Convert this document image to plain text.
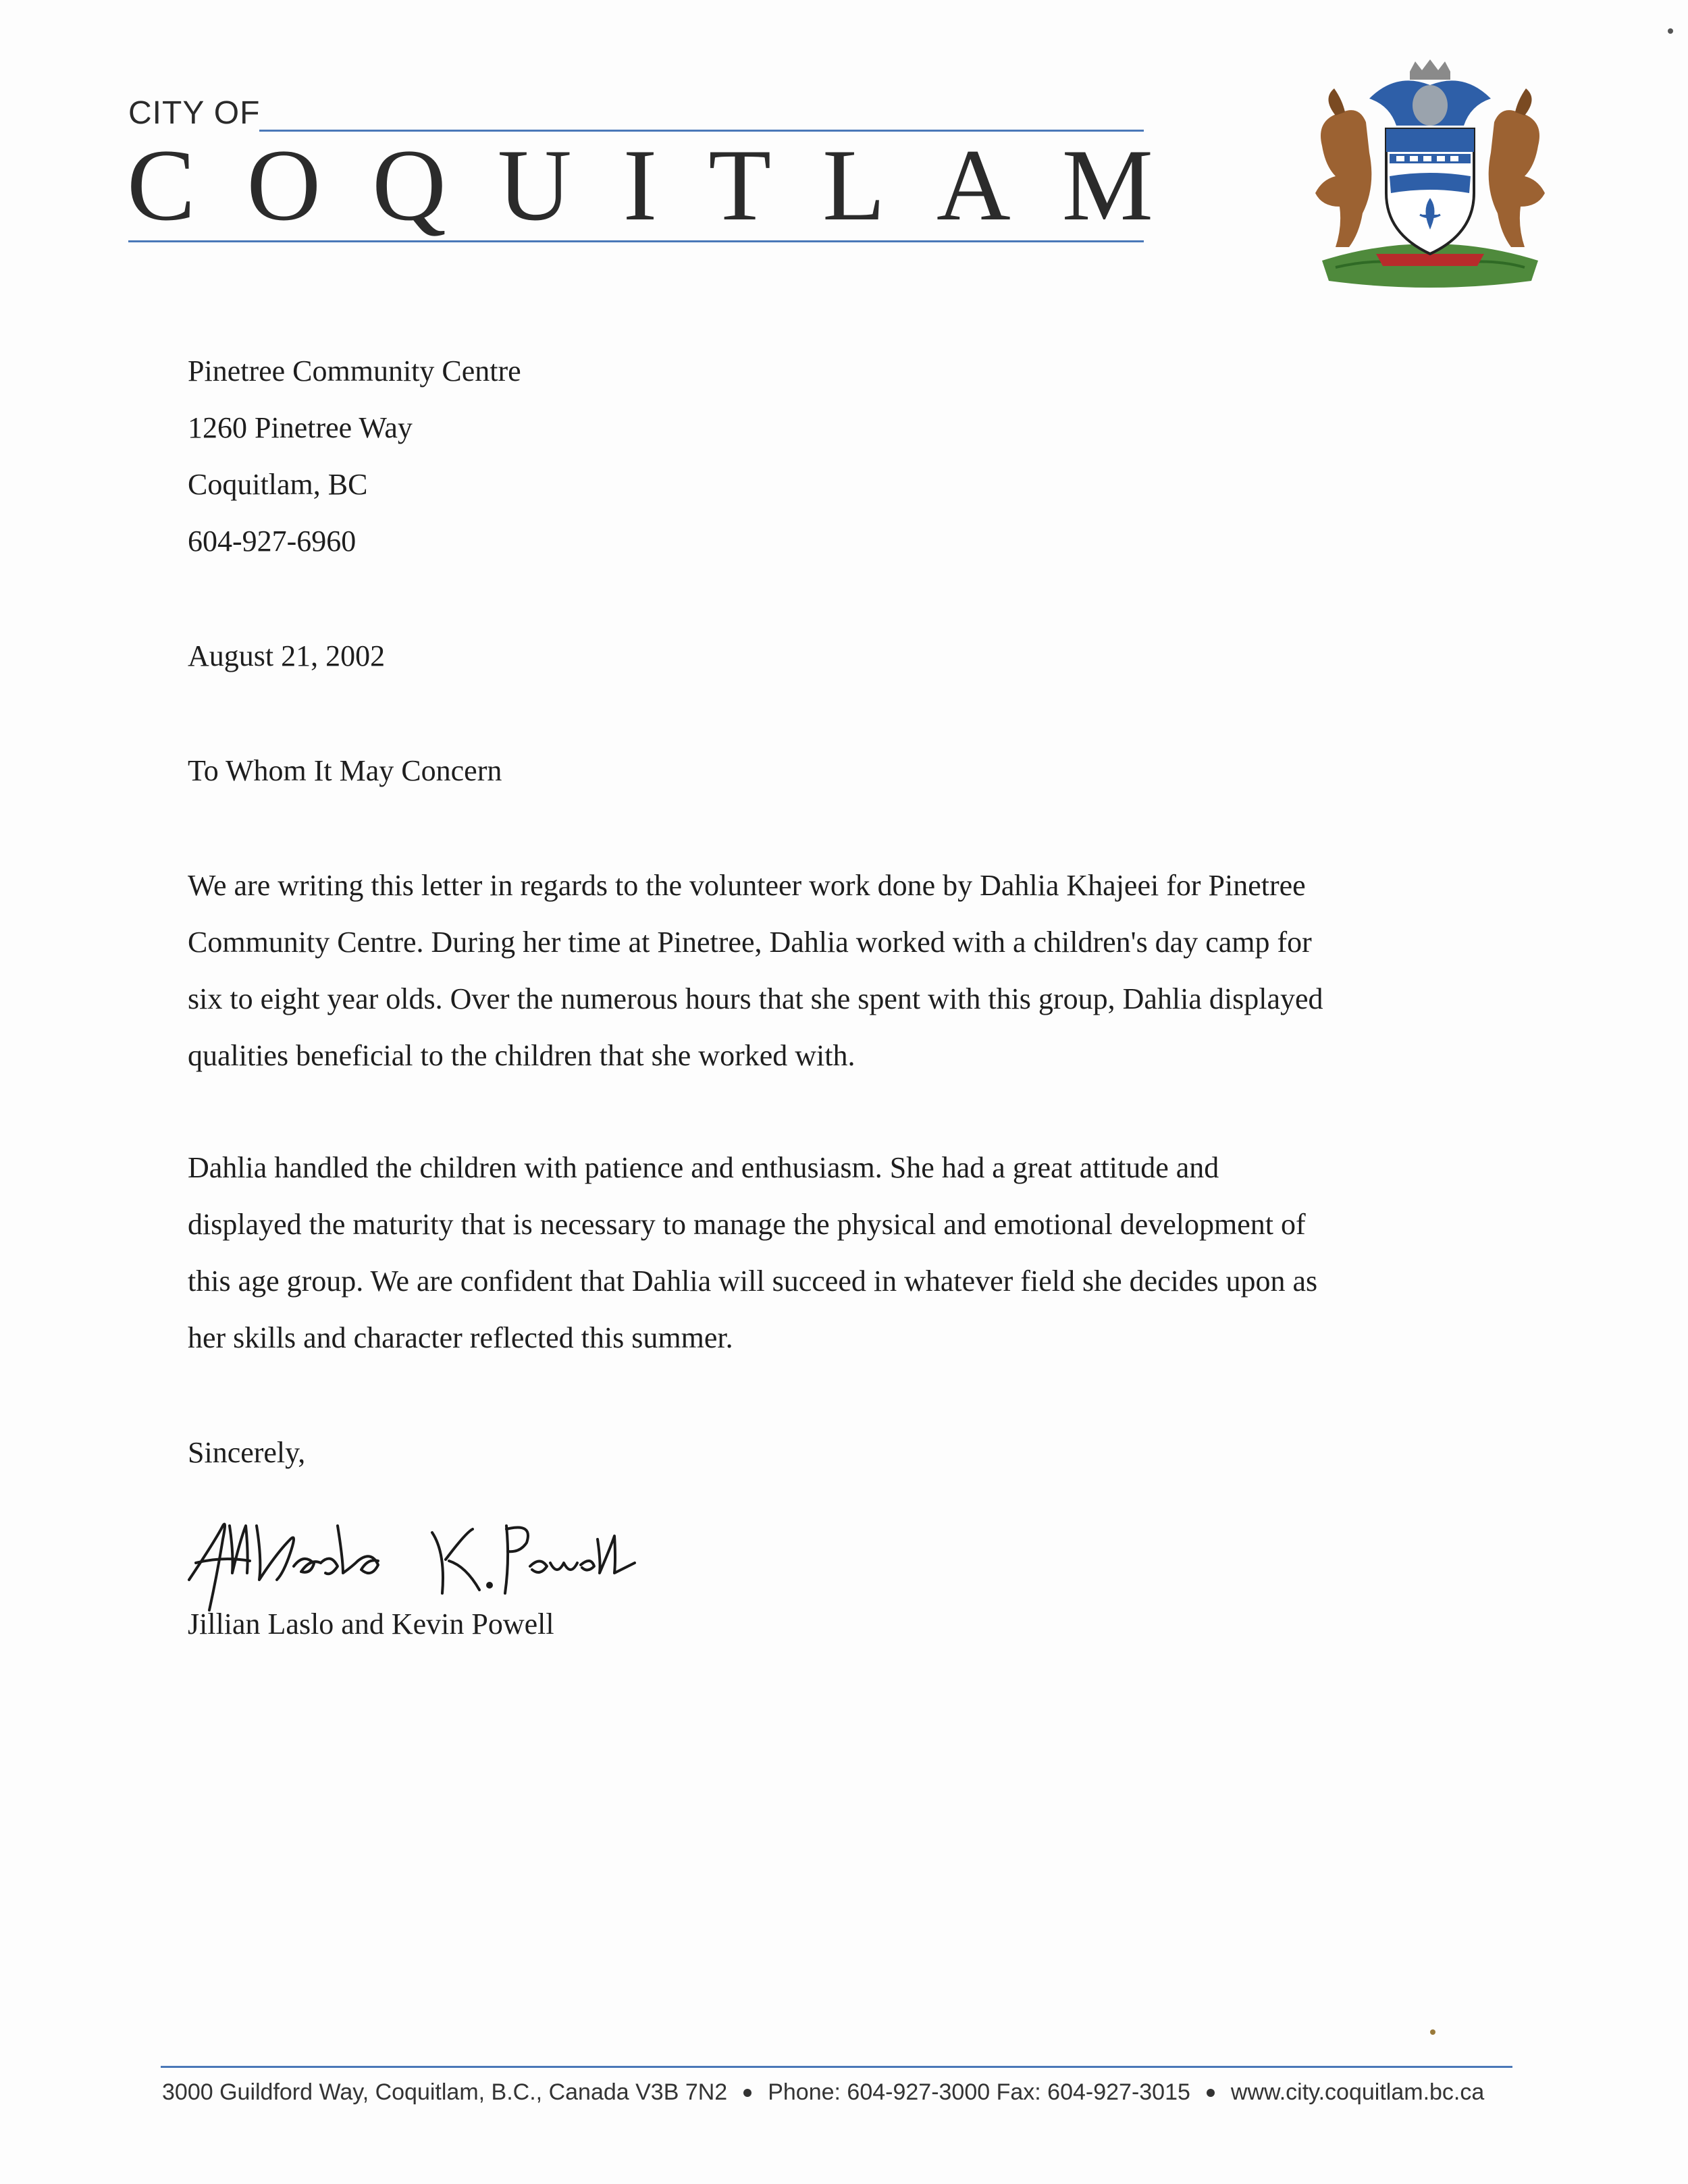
CITY OF
C O Q U I T L A M
Pinetree Community Centre
1260 Pinetree Way
Coquitlam, BC
604-927-6960
August 21, 2002
To Whom It May Concern
We are writing this letter in regards to the volunteer work done by Dahlia Khajeei for Pinetree
Community Centre. During her time at Pinetree, Dahlia worked with a children's day camp for
six to eight year olds. Over the numerous hours that she spent with this group, Dahlia displayed
qualities beneficial to the children that she worked with.
Dahlia handled the children with patience and enthusiasm. She had a great attitude and
displayed the maturity that is necessary to manage the physical and emotional development of
this age group. We are confident that Dahlia will succeed in whatever field she decides upon as
her skills and character reflected this summer.
Sincerely,
Jillian Laslo and Kevin Powell
3000 Guildford Way, Coquitlam, B.C., Canada V3B 7N2 Phone: 604-927-3000 Fax: 604-927-3015 www.city.coquitlam.bc.ca
